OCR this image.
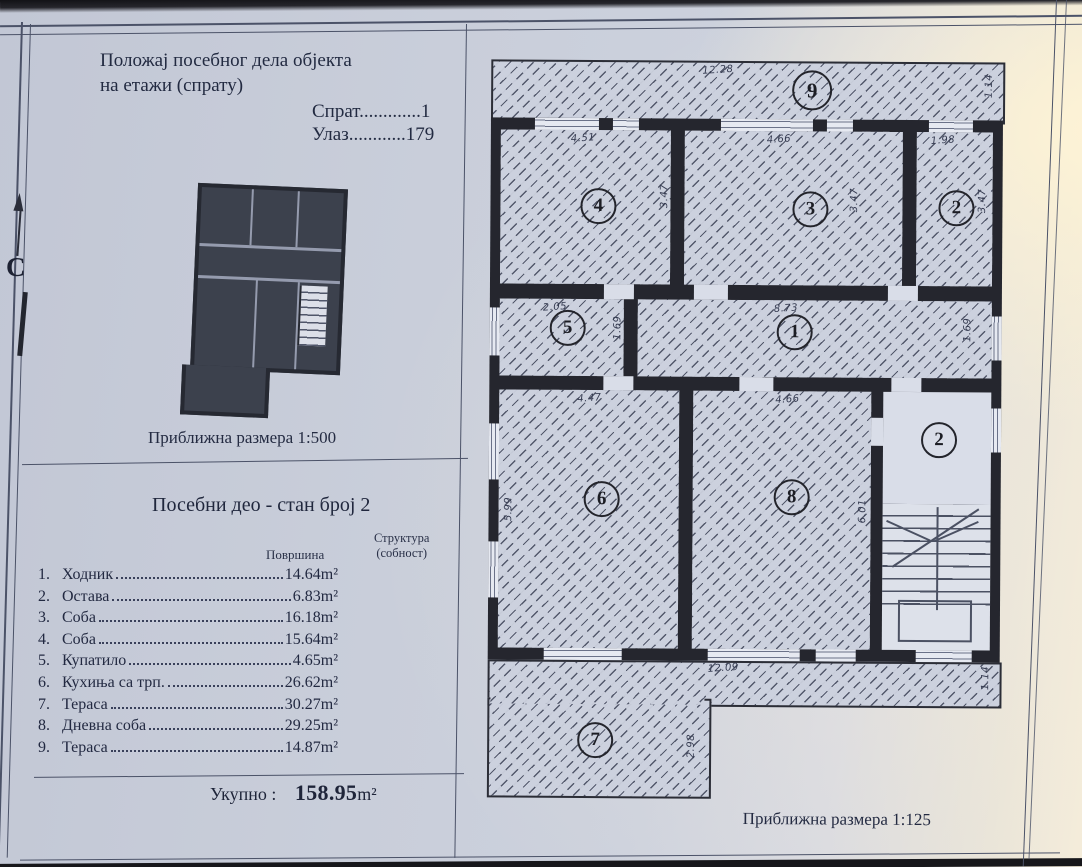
Положај посебног дела објекта
на етажи (спрату)
Спрат.............1
Улаз............179
С
Приближна размера 1:500
Посебни део - стан број 2
Површина
Структура
(собност)
1. Ходник	14.64m²
2. Остава	6.83m²
3. Соба	16.18m²
4. Соба	15.64m²
5. Купатило	4.65m²
6. Кухиња са трп.	26.62m²
7. Тераса	30.27m²
8. Дневна соба	29.25m²
9. Тераса	14.87m²
Укупно : 158.95m²
9
12.28
1.14
4	3	2
5	1
6	8
2
4.51	4.66	1.98
3.47	3.47	3.47
2.05
1.69
8.73
1.69
4.47	4.66
5.99	6.01
7
12.09
2.98
1.14
Приближна размера 1:125
